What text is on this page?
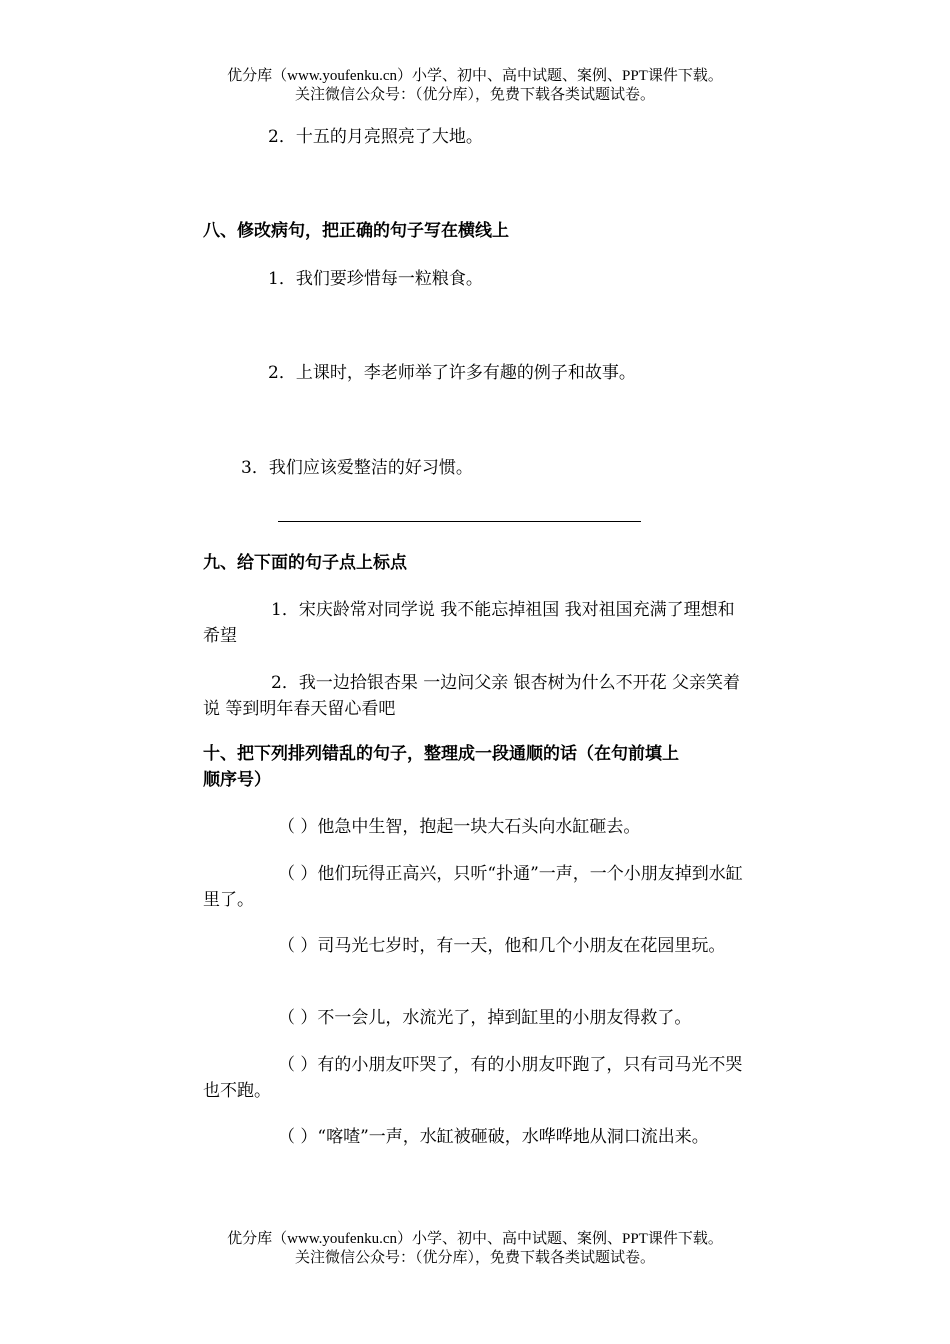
优分库（www.youfenku.cn）小学、初中、高中试题、案例、PPT课件下载。
关注微信公众号：（优分库），免费下载各类试题试卷。
2．十五的月亮照亮了大地。
八、修改病句，把正确的句子写在横线上
1．我们要珍惜每一粒粮食。
2．上课时，李老师举了许多有趣的例子和故事。
3．我们应该爱整洁的好习惯。
九、给下面的句子点上标点
1．宋庆龄常对同学说 我不能忘掉祖国 我对祖国充满了理想和希望
2．我一边拾银杏果 一边问父亲 银杏树为什么不开花 父亲笑着说 等到明年春天留心看吧
十、把下列排列错乱的句子，整理成一段通顺的话（在句前填上
顺序号）
（ ）他急中生智，抱起一块大石头向水缸砸去。
（ ）他们玩得正高兴，只听“扑通”一声，一个小朋友掉到水缸里了。
（ ）司马光七岁时，有一天，他和几个小朋友在花园里玩。
（ ）不一会儿，水流光了，掉到缸里的小朋友得救了。
（ ）有的小朋友吓哭了，有的小朋友吓跑了，只有司马光不哭也不跑。
（ ）“喀喳”一声，水缸被砸破，水哗哗地从洞口流出来。
优分库（www.youfenku.cn）小学、初中、高中试题、案例、PPT课件下载。
关注微信公众号：（优分库），免费下载各类试题试卷。
